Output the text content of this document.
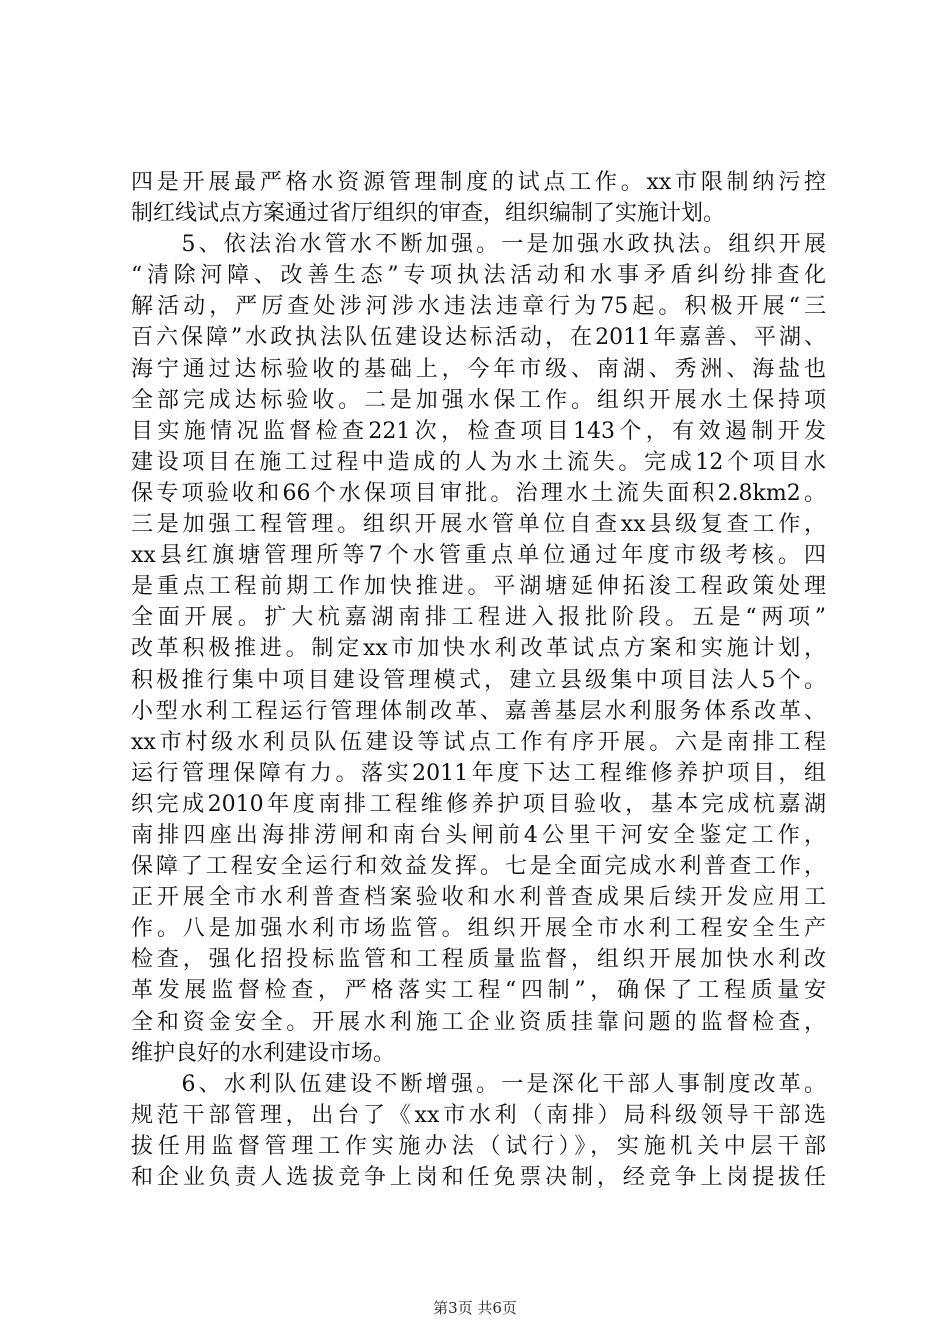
四是开展最严格水资源管理制度的试点工作。xx市限制纳污控
制红线试点方案通过省厅组织的审查，组织编制了实施计划。
　　5、依法治水管水不断加强。一是加强水政执法。组织开展
“清除河障、改善生态”专项执法活动和水事矛盾纠纷排查化
解活动，严厉查处涉河涉水违法违章行为75起。积极开展“三
百六保障”水政执法队伍建设达标活动，在2011年嘉善、平湖、
海宁通过达标验收的基础上，今年市级、南湖、秀洲、海盐也
全部完成达标验收。二是加强水保工作。组织开展水土保持项
目实施情况监督检查221次，检查项目143个，有效遏制开发
建设项目在施工过程中造成的人为水土流失。完成12个项目水
保专项验收和66个水保项目审批。治理水土流失面积2.8km2。
三是加强工程管理。组织开展水管单位自查xx县级复查工作，
xx县红旗塘管理所等7个水管重点单位通过年度市级考核。四
是重点工程前期工作加快推进。平湖塘延伸拓浚工程政策处理
全面开展。扩大杭嘉湖南排工程进入报批阶段。五是“两项”
改革积极推进。制定xx市加快水利改革试点方案和实施计划，
积极推行集中项目建设管理模式，建立县级集中项目法人5个。
小型水利工程运行管理体制改革、嘉善基层水利服务体系改革、
xx市村级水利员队伍建设等试点工作有序开展。六是南排工程
运行管理保障有力。落实2011年度下达工程维修养护项目，组
织完成2010年度南排工程维修养护项目验收，基本完成杭嘉湖
南排四座出海排涝闸和南台头闸前4公里干河安全鉴定工作，
保障了工程安全运行和效益发挥。七是全面完成水利普查工作，
正开展全市水利普查档案验收和水利普查成果后续开发应用工
作。八是加强水利市场监管。组织开展全市水利工程安全生产
检查，强化招投标监管和工程质量监督，组织开展加快水利改
革发展监督检查，严格落实工程“四制”，确保了工程质量安
全和资金安全。开展水利施工企业资质挂靠问题的监督检查，
维护良好的水利建设市场。
　　6、水利队伍建设不断增强。一是深化干部人事制度改革。
规范干部管理，出台了《xx市水利（南排）局科级领导干部选
拔任用监督管理工作实施办法（试行）》，实施机关中层干部
和企业负责人选拔竞争上岗和任免票决制，经竞争上岗提拔任
第3页 共6页
